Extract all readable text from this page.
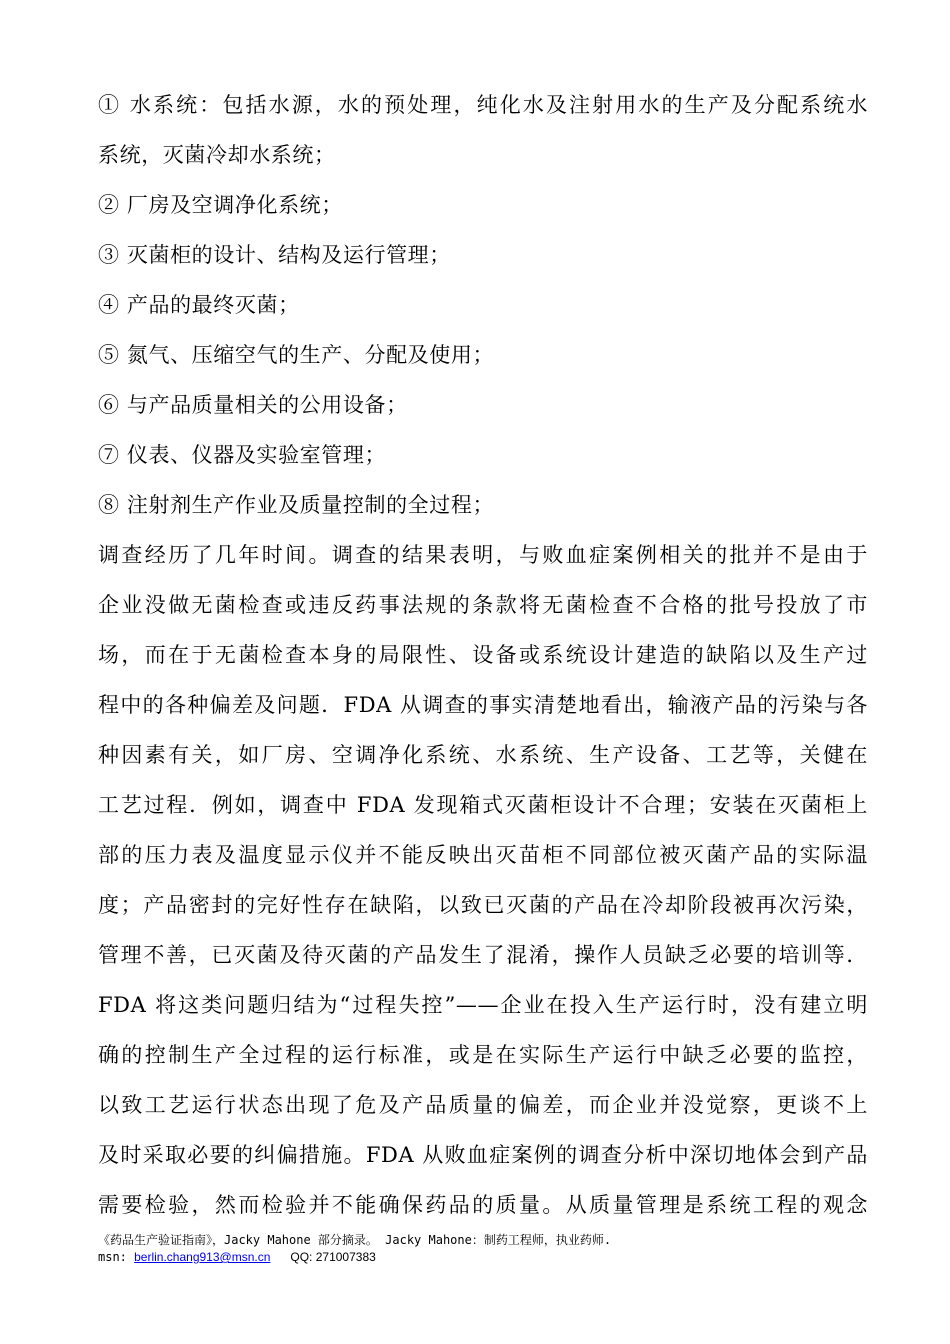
① 水系统：包括水源，水的预处理，纯化水及注射用水的生产及分配系统水
系统，灭菌冷却水系统；
② 厂房及空调净化系统；
③ 灭菌柜的设计、结构及运行管理；
④ 产品的最终灭菌；
⑤ 氮气、压缩空气的生产、分配及使用；
⑥ 与产品质量相关的公用设备；
⑦ 仪表、仪器及实验室管理；
⑧ 注射剂生产作业及质量控制的全过程；
调查经历了几年时间。调查的结果表明，与败血症案例相关的批并不是由于
企业没做无菌检查或违反药事法规的条款将无菌检查不合格的批号投放了市
场，而在于无菌检查本身的局限性、设备或系统设计建造的缺陷以及生产过
程中的各种偏差及问题．FDA 从调查的事实清楚地看出，输液产品的污染与各
种因素有关，如厂房、空调净化系统、水系统、生产设备、工艺等，关健在
工艺过程．例如，调查中 FDA 发现箱式灭菌柜设计不合理；安装在灭菌柜上
部的压力表及温度显示仪并不能反映出灭苗柜不同部位被灭菌产品的实际温
度；产品密封的完好性存在缺陷，以致已灭菌的产品在冷却阶段被再次污染，
管理不善，已灭菌及待灭菌的产品发生了混淆，操作人员缺乏必要的培训等．
FDA 将这类问题归结为“过程失控”——企业在投入生产运行时，没有建立明
确的控制生产全过程的运行标准，或是在实际生产运行中缺乏必要的监控，
以致工艺运行状态出现了危及产品质量的偏差，而企业并没觉察，更谈不上
及时采取必要的纠偏措施。FDA 从败血症案例的调查分析中深切地体会到产品
需要检验，然而检验并不能确保药品的质量。从质量管理是系统工程的观念
《药品生产验证指南》，Jacky Mahone 部分摘录。 Jacky Mahone：制药工程师，执业药师.
msn: berlin.chang913@msn.cn QQ: 271007383
